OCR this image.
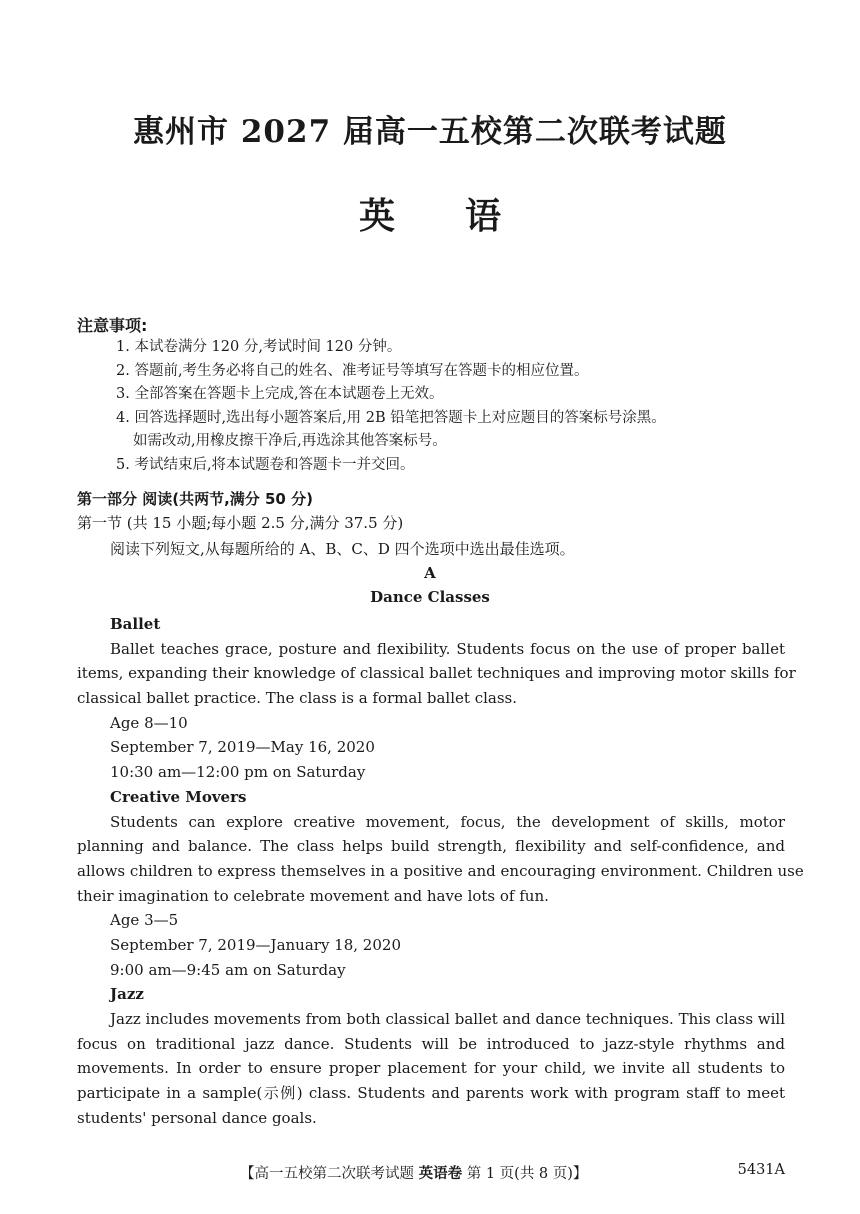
惠州市 2027 届高一五校第二次联考试题
英语
注意事项:
1. 本试卷满分 120 分,考试时间 120 分钟。
2. 答题前,考生务必将自己的姓名、准考证号等填写在答题卡的相应位置。
3. 全部答案在答题卡上完成,答在本试题卷上无效。
4. 回答选择题时,选出每小题答案后,用 2B 铅笔把答题卡上对应题目的答案标号涂黑。
如需改动,用橡皮擦干净后,再选涂其他答案标号。
5. 考试结束后,将本试题卷和答题卡一并交回。
第一部分 阅读(共两节,满分 50 分)
第一节 (共 15 小题;每小题 2.5 分,满分 37.5 分)
阅读下列短文,从每题所给的 A、B、C、D 四个选项中选出最佳选项。
A
Dance Classes
Ballet
Ballet teaches grace, posture and flexibility. Students focus on the use of proper ballet
items, expanding their knowledge of classical ballet techniques and improving motor skills for
classical ballet practice. The class is a formal ballet class.
Age 8—10
September 7, 2019—May 16, 2020
10:30 am—12:00 pm on Saturday
Creative Movers
Students can explore creative movement, focus, the development of skills, motor
planning and balance. The class helps build strength, flexibility and self-confidence, and
allows children to express themselves in a positive and encouraging environment. Children use
their imagination to celebrate movement and have lots of fun.
Age 3—5
September 7, 2019—January 18, 2020
9:00 am—9:45 am on Saturday
Jazz
Jazz includes movements from both classical ballet and dance techniques. This class will
focus on traditional jazz dance. Students will be introduced to jazz-style rhythms and
movements. In order to ensure proper placement for your child, we invite all students to
participate in a sample(示例) class. Students and parents work with program staff to meet
students' personal dance goals.
【高一五校第二次联考试题 英语卷 第 1 页(共 8 页)】	5431A
